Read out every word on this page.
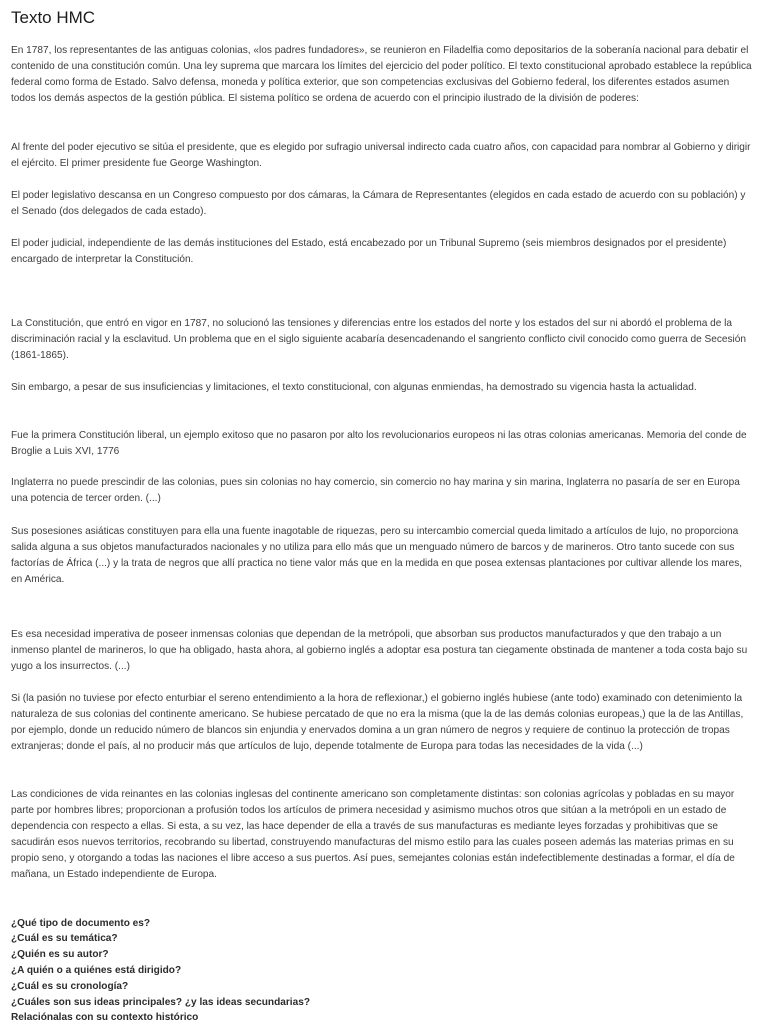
Texto HMC

En 1787, los representantes de las antiguas colonias, «los padres fundadores», se reunieron en Filadelfia como depositarios de la soberanía nacional para debatir el contenido de una constitución común. Una ley suprema que marcara los límites del ejercicio del poder político. El texto constitucional aprobado establece la república federal como forma de Estado. Salvo defensa, moneda y política exterior, que son competencias exclusivas del Gobierno federal, los diferentes estados asumen todos los demás aspectos de la gestión pública. El sistema político se ordena de acuerdo con el principio ilustrado de la división de poderes:

Al frente del poder ejecutivo se sitúa el presidente, que es elegido por sufragio universal indirecto cada cuatro años, con capacidad para nombrar al Gobierno y dirigir el ejército. El primer presidente fue George Washington.

El poder legislativo descansa en un Congreso compuesto por dos cámaras, la Cámara de Representantes (elegidos en cada estado de acuerdo con su población) y el Senado (dos delegados de cada estado).

El poder judicial, independiente de las demás instituciones del Estado, está encabezado por un Tribunal Supremo (seis miembros designados por el presidente) encargado de interpretar la Constitución.

La Constitución, que entró en vigor en 1787, no solucionó las tensiones y diferencias entre los estados del norte y los estados del sur ni abordó el problema de la discriminación racial y la esclavitud. Un problema que en el siglo siguiente acabaría desencadenando el sangriento conflicto civil conocido como guerra de Secesión (1861-1865).

Sin embargo, a pesar de sus insuficiencias y limitaciones, el texto constitucional, con algunas enmiendas, ha demostrado su vigencia hasta la actualidad.

Fue la primera Constitución liberal, un ejemplo exitoso que no pasaron por alto los revolucionarios europeos ni las otras colonias americanas. Memoria del conde de Broglie a Luis XVI, 1776

Inglaterra no puede prescindir de las colonias, pues sin colonias no hay comercio, sin comercio no hay marina y sin marina, Inglaterra no pasaría de ser en Europa una potencia de tercer orden. (...)

Sus posesiones asiáticas constituyen para ella una fuente inagotable de riquezas, pero su intercambio comercial queda limitado a artículos de lujo, no proporciona salida alguna a sus objetos manufacturados nacionales y no utiliza para ello más que un menguado número de barcos y de marineros. Otro tanto sucede con sus factorías de África (...) y la trata de negros que allí practica no tiene valor más que en la medida en que posea extensas plantaciones por cultivar allende los mares, en América.

Es esa necesidad imperativa de poseer inmensas colonias que dependan de la metrópoli, que absorban sus productos manufacturados y que den trabajo a un inmenso plantel de marineros, lo que ha obligado, hasta ahora, al gobierno inglés a adoptar esa postura tan ciegamente obstinada de mantener a toda costa bajo su yugo a los insurrectos. (...)

Si (la pasión no tuviese por efecto enturbiar el sereno entendimiento a la hora de reflexionar,) el gobierno inglés hubiese (ante todo) examinado con detenimiento la naturaleza de sus colonias del continente americano. Se hubiese percatado de que no era la misma (que la de las demás colonias europeas,) que la de las Antillas, por ejemplo, donde un reducido número de blancos sin enjundia y enervados domina a un gran número de negros y requiere de continuo la protección de tropas extranjeras; donde el país, al no producir más que artículos de lujo, depende totalmente de Europa para todas las necesidades de la vida (...)

Las condiciones de vida reinantes en las colonias inglesas del continente americano son completamente distintas: son colonias agrícolas y pobladas en su mayor parte por hombres libres; proporcionan a profusión todos los artículos de primera necesidad y asimismo muchos otros que sitúan a la metrópoli en un estado de dependencia con respecto a ellas. Si esta, a su vez, las hace depender de ella a través de sus manufacturas es mediante leyes forzadas y prohibitivas que se sacudirán esos nuevos territorios, recobrando su libertad, construyendo manufacturas del mismo estilo para las cuales poseen además las materias primas en su propio seno, y otorgando a todas las naciones el libre acceso a sus puertos. Así pues, semejantes colonias están indefectiblemente destinadas a formar, el día de mañana, un Estado independiente de Europa.

¿Qué tipo de documento es?

¿Cuál es su temática?

¿Quién es su autor?

¿A quién o a quiénes está dirigido?

¿Cuál es su cronología?

¿Cuáles son sus ideas principales? ¿y las ideas secundarias?

Relaciónalas con su contexto histórico
